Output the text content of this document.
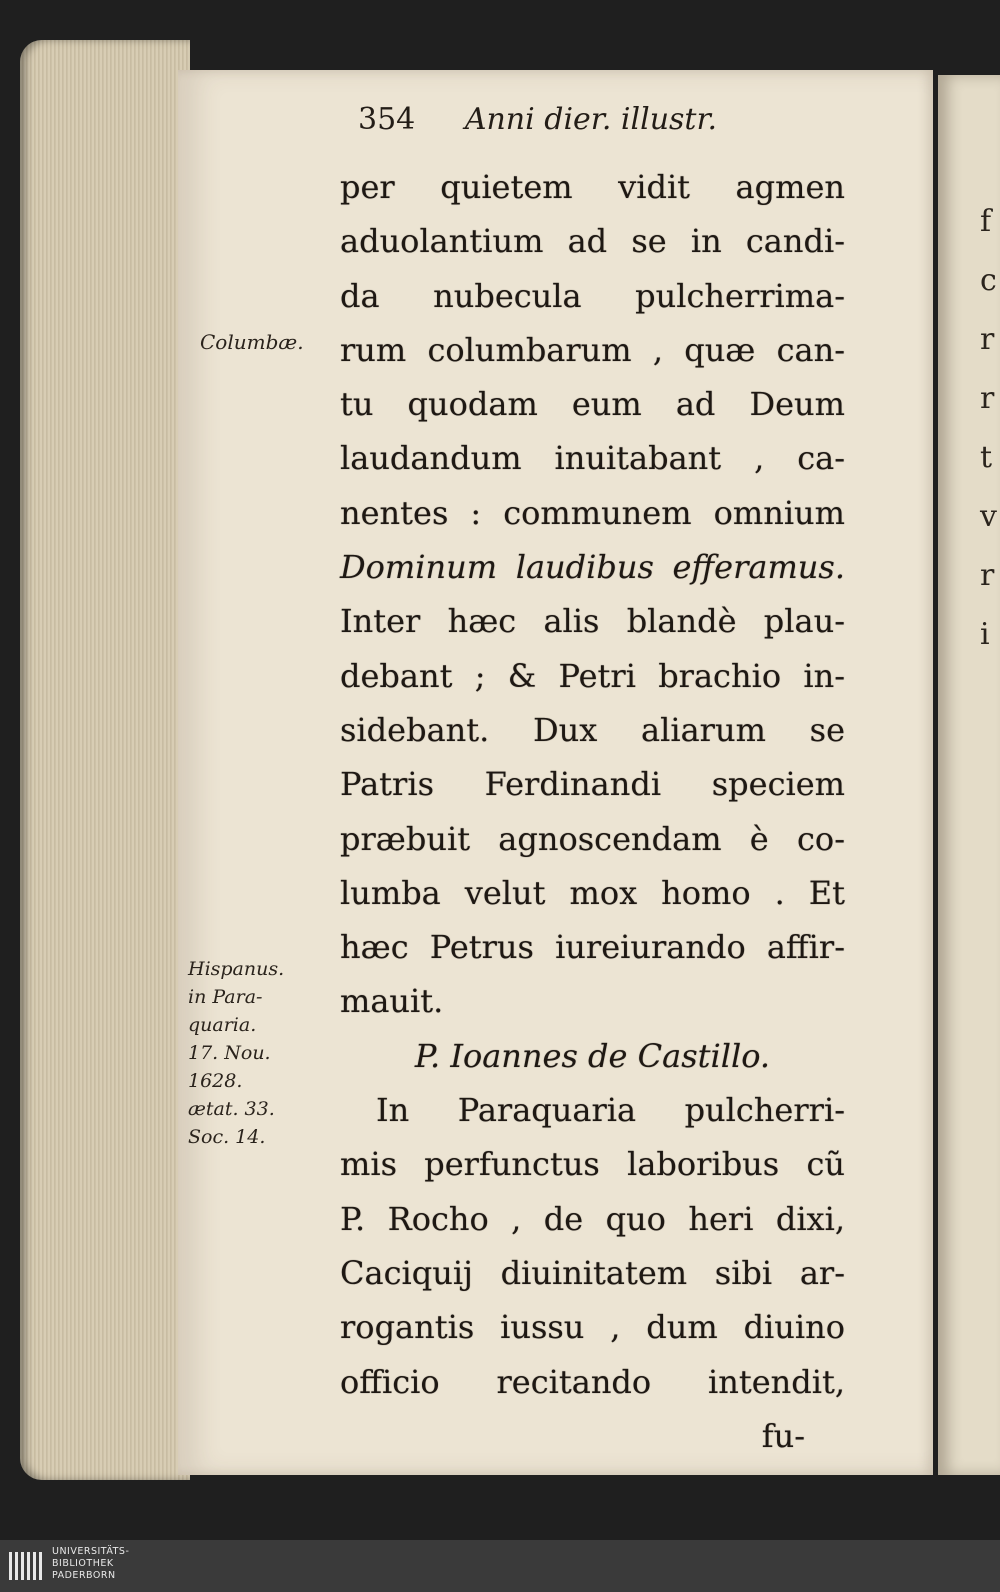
f
c
r
r
t
v
r
i
354 Anni dier. illustr.
Columbæ.
Hispanus.
in Para-
quaria.
17. Nou.
1628.
ætat. 33.
Soc. 14.
per quietem vidit agmen
aduolantium ad se in candi-
da nubecula pulcherrima-
rum columbarum , quæ can-
tu quodam eum ad Deum
laudandum inuitabant , ca-
nentes : communem omnium
Dominum laudibus efferamus.
Inter hæc alis blandè plau-
debant ; & Petri brachio in-
sidebant. Dux aliarum se
Patris Ferdinandi speciem
præbuit agnoscendam è co-
lumba velut mox homo . Et
hæc Petrus iureiurando affir-
mauit.
P. Ioannes de Castillo.
In Paraquaria pulcherri-
mis perfunctus laboribus cũ
P. Rocho , de quo heri dixi,
Caciquij diuinitatem sibi ar-
rogantis iussu , dum diuino
officio recitando intendit,
fu-
UNIVERSITÄTS-
BIBLIOTHEK
PADERBORN
